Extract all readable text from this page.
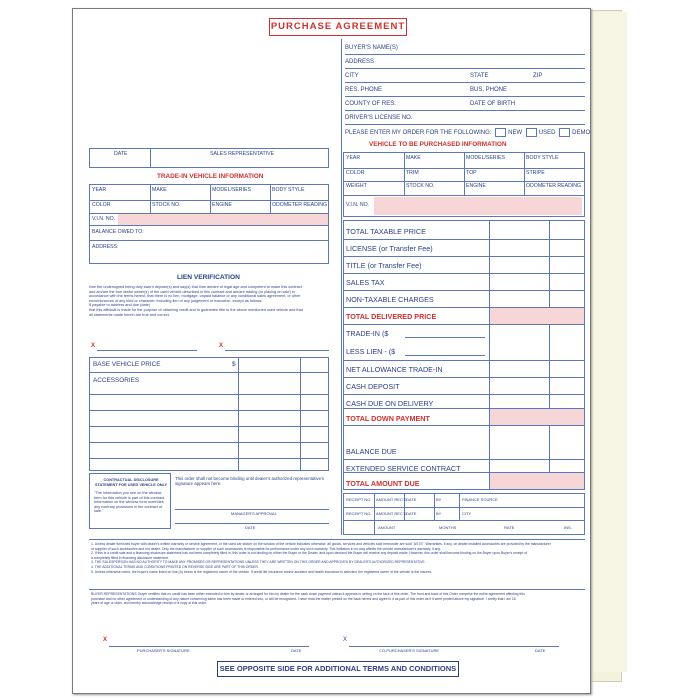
PURCHASE AGREEMENT
BUYER'S NAME(S)
ADDRESS
CITY	STATE	ZIP
RES. PHONE	BUS. PHONE
COUNTY OF RES.	DATE OF BIRTH
DRIVER'S LICENSE NO.
PLEASE ENTER MY ORDER FOR THE FOLLOWING:	NEW	USED	DEMO
VEHICLE TO BE PURCHASED INFORMATION
YEAR	MAKE	MODEL/SERIES	BODY STYLE
COLOR	TRIM	TOP	STRIPE
WEIGHT	STOCK NO.	ENGINE	ODOMETER READING
V.I.N. NO.
TOTAL TAXABLE PRICE
LICENSE (or Transfer Fee)
TITLE (or Transfer Fee)
SALES TAX
NON-TAXABLE CHARGES
TOTAL DELIVERED PRICE
TRADE-IN ($
LESS LIEN - ($
NET ALLOWANCE TRADE-IN
CASH DEPOSIT
CASH DUE ON DELIVERY
TOTAL DOWN PAYMENT
BALANCE DUE
EXTENDED SERVICE CONTRACT
TOTAL AMOUNT DUE
RECEIPT NO. AMOUNT REC'D DATE	BY	FINANCE SOURCE
RECEIPT NO. AMOUNT REC'D DATE	BY	CITY
AMOUNT	MONTHS	RATE	INS.
DATE	SALES REPRESENTATIVE
TRADE-IN VEHICLE INFORMATION
YEAR	MAKE	MODEL/SERIES	BODY STYLE
COLOR	STOCK NO.	ENGINE	ODOMETER READING
V.I.N. NO.
BALANCE OWED TO:
ADDRESS:
LIEN VERIFICATION
I/we the undersigned being duly sworn depose(s) and say(s) that I/we am/are of legal age and competent to make this contract
and am/are the true lawful owner(s) of the used vehicle described in this contract and am/are trading (or placing on sale) in
accordance with the terms hereof, that there is no lien, mortgage, unpaid balance or any conditional sales agreement, or other
encumbrances of any kind or character, including lien of any judgement or execution, except as follows:
$ payable to address and due (date)
that this affidavit is made for the purpose of obtaining credit and to guarantee title to the above mentioned used vehicle and that
all statements made herein are true and correct.
X	X
BASE VEHICLE PRICE	$
ACCESSORIES
CONTRACTUAL DISCLOSURE
STATEMENT FOR USED VEHICLE ONLY
"The information you see on the window form for this vehicle is part of this contract. Information on the window form overrides any contrary provisions in the contract of sale."
This order shall not become binding until dealer's authorized representative's signature appears here.
MANAGER'S APPROVAL
DATE
1. Unless dealer furnishes buyer with dealer's written warranty or service agreement, or the used car sticker on the window of the vehicle indicates otherwise, all goods, services and vehicles sold hereunder are sold "AS IS". Warranties, if any, on dealer installed accessories are provided by the manufacturer
or supplier of such accessories and not dealer. Only the manufacturer or supplier of such accessories is responsible for performance under any such warranty. This limitation in no way affects the vehicle manufacturer's warranty, if any.
2. If this is a credit sale and a financing disclosure statement has not been completely filled in, this order is not binding on either the Buyer or the Dealer, and upon demand the Buyer will receive any deposit made. However, this order shall become binding on the Buyer upon Buyer's receipt of
a completely filled in financing disclosure statement.
3. THE SALESPERSON HAS NO AUTHORITY TO MAKE ANY PROMISES OR REPRESENTATIONS UNLESS THEY ARE WRITTEN ON THIS ORDER AND APPROVED BY DEALER'S AUTHORIZED REPRESENTATIVE.
4. THE ADDITIONAL TERMS AND CONDITIONS PRINTED ON REVERSE SIDE ARE PART OF THIS ORDER.
5. Unless otherwise noted, the buyer's name listed on line (A) below is the registered owner of the vehicle. If credit life insurance and/or accident and health insurance is selected, the registered owner of the vehicle is the insured.
BUYER REPRESENTATIONS: Buyer certifies that no credit has been either extended to him by dealer or arranged for him by dealer for the cash down payment unless it appears in writing on the face of this order. The front and back of this Order comprise the entire agreement affecting this
purchase and no other agreement or understanding of any nature concerning same has been made or entered into, or will be recognized. I have read the matter printed on the back hereof and agree to it as part of this order as if it were printed above my signature. I certify that I am 18
years of age or older, and hereby acknowledge receipt of a copy of this order.
X
PURCHASER'S SIGNATURE	DATE
X
CO-PURCHASER'S SIGNATURE	DATE
SEE OPPOSITE SIDE FOR ADDITIONAL TERMS AND CONDITIONS
